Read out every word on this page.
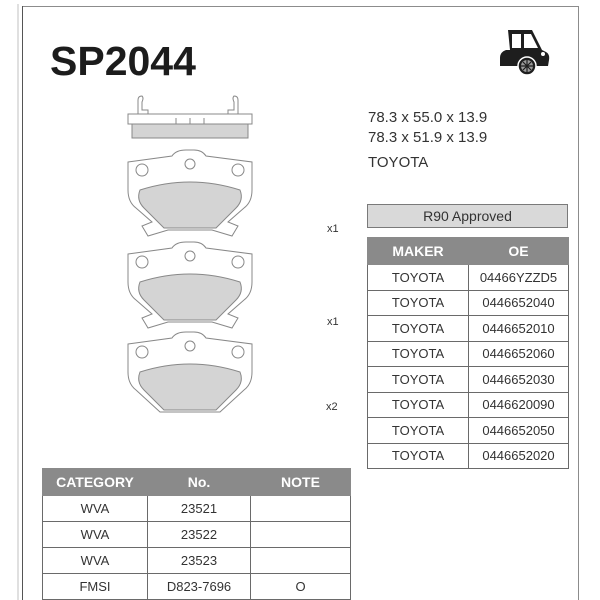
SP2044
78.3 x 55.0 x 13.9
78.3 x 51.9 x 13.9
TOYOTA
x1
x1
x2
R90 Approved
MAKER	OE
TOYOTA	04466YZZD5
TOYOTA	0446652040
TOYOTA	0446652010
TOYOTA	0446652060
TOYOTA	0446652030
TOYOTA	0446620090
TOYOTA	0446652050
TOYOTA	0446652020
CATEGORY	No.	NOTE
WVA	23521	
WVA	23522	
WVA	23523	
FMSI	D823-7696	O
